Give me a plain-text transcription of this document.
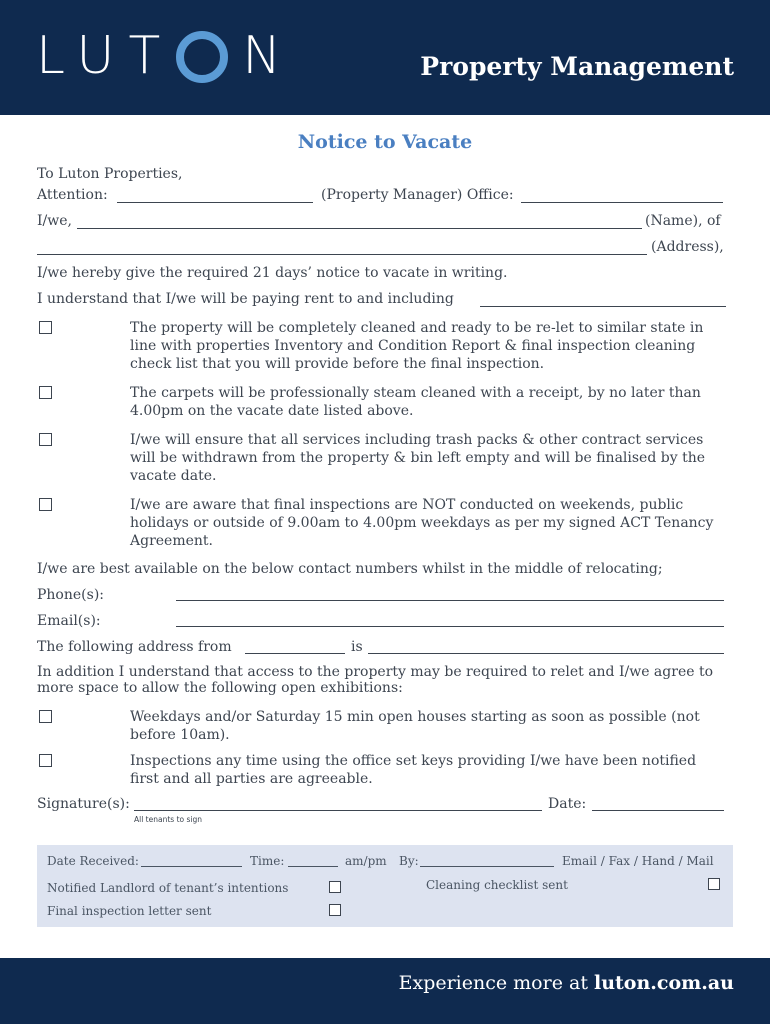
LUT N	Property Management
Notice to Vacate
To Luton Properties,
Attention:	(Property Manager) Office:
I/we,	(Name), of
(Address),
I/we hereby give the required 21 days’ notice to vacate in writing.
I understand that I/we will be paying rent to and including
The property will be completely cleaned and ready to be re-let to similar state in line with properties Inventory and Condition Report & final inspection cleaning check list that you will provide before the final inspection.
The carpets will be professionally steam cleaned with a receipt, by no later than 4.00pm on the vacate date listed above.
I/we will ensure that all services including trash packs & other contract services will be withdrawn from the property & bin left empty and will be finalised by the vacate date.
I/we are aware that final inspections are NOT conducted on weekends, public holidays or outside of 9.00am to 4.00pm weekdays as per my signed ACT Tenancy Agreement.
I/we are best available on the below contact numbers whilst in the middle of relocating;
Phone(s):
Email(s):
The following address from	is
In addition I understand that access to the property may be required to relet and I/we agree to more space to allow the following open exhibitions:
Weekdays and/or Saturday 15 min open houses starting as soon as possible (not before 10am).
Inspections any time using the office set keys providing I/we have been notified first and all parties are agreeable.
Signature(s):	Date:
All tenants to sign
Date Received:	Time:	am/pm By:	Email / Fax / Hand / Mail
Notified Landlord of tenant’s intentions	Cleaning checklist sent
Final inspection letter sent
Experience more at luton.com.au
